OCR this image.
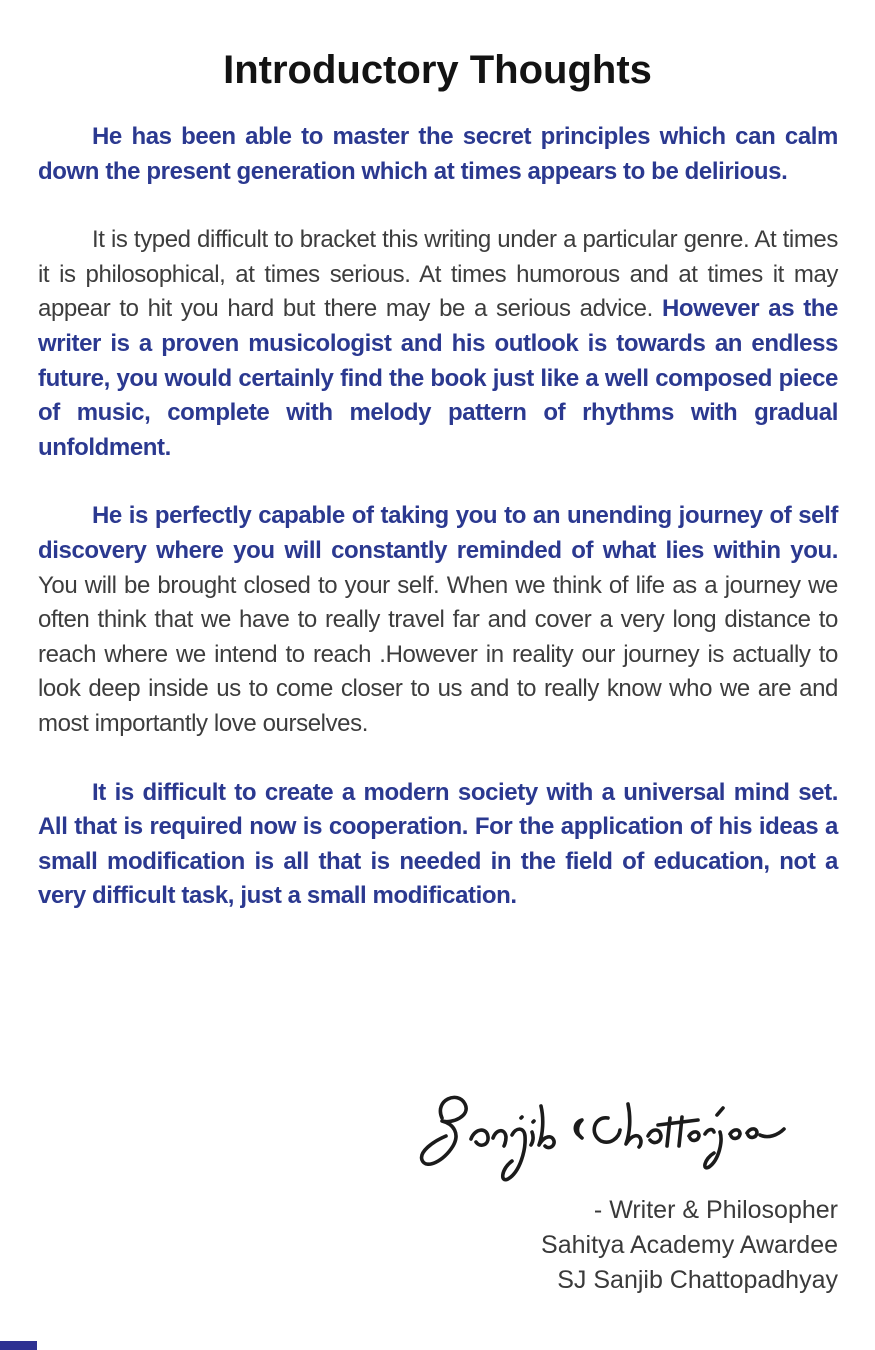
Introductory Thoughts

He has been able to master the secret principles which can calm down the present generation which at times appears to be delirious.

It is typed difficult to bracket this writing under a particular genre. At times it is philosophical, at times serious. At times humorous and at times it may appear to hit you hard but there may be a serious advice. However as the writer is a proven musicologist and his outlook is towards an endless future, you would certainly find the book just like a well composed piece of music, complete with melody pattern of rhythms with gradual unfoldment.

He is perfectly capable of taking you to an unending journey of self discovery where you will constantly reminded of what lies within you. You will be brought closed to your self. When we think of life as a journey we often think that we have to really travel far and cover a very long distance to reach where we intend to reach .However in reality our journey is actually to look deep inside us to come closer to us and to really know who we are and most importantly love ourselves.

It is difficult to create a modern society with a universal mind set. All that is required now is cooperation. For the application of his ideas a small modification is all that is needed in the field of education, not a very difficult task, just a small modification.

- Writer & Philosopher
Sahitya Academy Awardee
SJ Sanjib Chattopadhyay
